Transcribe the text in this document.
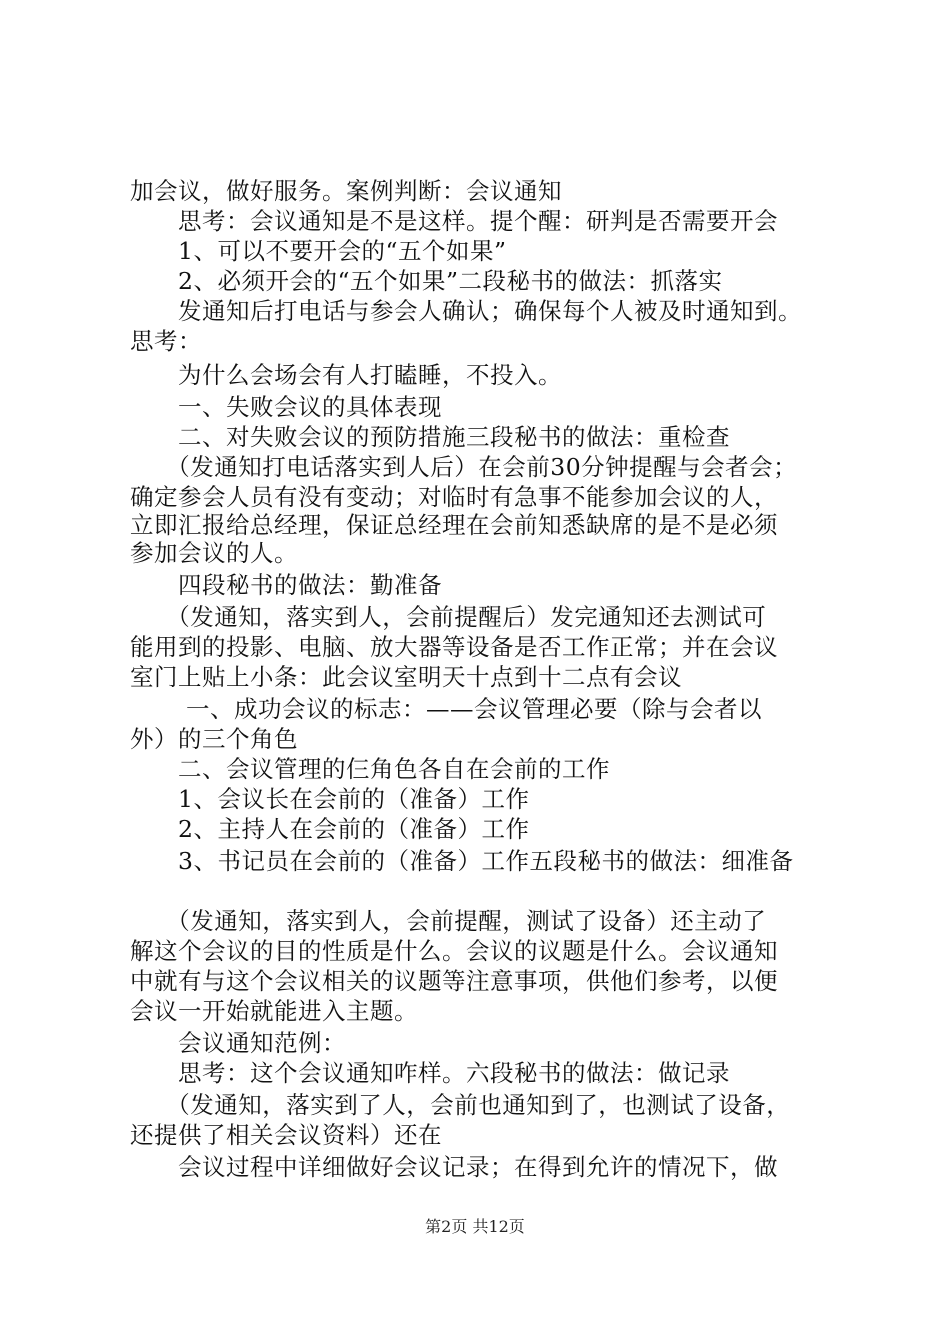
加会议，做好服务。案例判断：会议通知
　　思考：会议通知是不是这样。提个醒：研判是否需要开会
　　1、可以不要开会的“五个如果”
　　2、必须开会的“五个如果”二段秘书的做法：抓落实
　　发通知后打电话与参会人确认；确保每个人被及时通知到。
思考：
　　为什么会场会有人打瞌睡，不投入。
　　一、失败会议的具体表现
　　二、对失败会议的预防措施三段秘书的做法：重检查
　　（发通知打电话落实到人后）在会前30分钟提醒与会者会；
确定参会人员有没有变动；对临时有急事不能参加会议的人，
立即汇报给总经理，保证总经理在会前知悉缺席的是不是必须
参加会议的人。
　　四段秘书的做法：勤准备
　　（发通知，落实到人，会前提醒后）发完通知还去测试可
能用到的投影、电脑、放大器等设备是否工作正常；并在会议
室门上贴上小条：此会议室明天十点到十二点有会议
　　 一、成功会议的标志：——会议管理必要（除与会者以
外）的三个角色
　　二、会议管理的仨角色各自在会前的工作
　　1、会议长在会前的（准备）工作
　　2、主持人在会前的（准备）工作
　　3、书记员在会前的（准备）工作五段秘书的做法：细准备
　　（发通知，落实到人，会前提醒，测试了设备）还主动了
解这个会议的目的性质是什么。会议的议题是什么。会议通知
中就有与这个会议相关的议题等注意事项，供他们参考，以便
会议一开始就能进入主题。
　　会议通知范例：
　　思考：这个会议通知咋样。六段秘书的做法：做记录
　　（发通知，落实到了人，会前也通知到了，也测试了设备，
还提供了相关会议资料）还在
　　会议过程中详细做好会议记录；在得到允许的情况下，做
第2页 共12页
